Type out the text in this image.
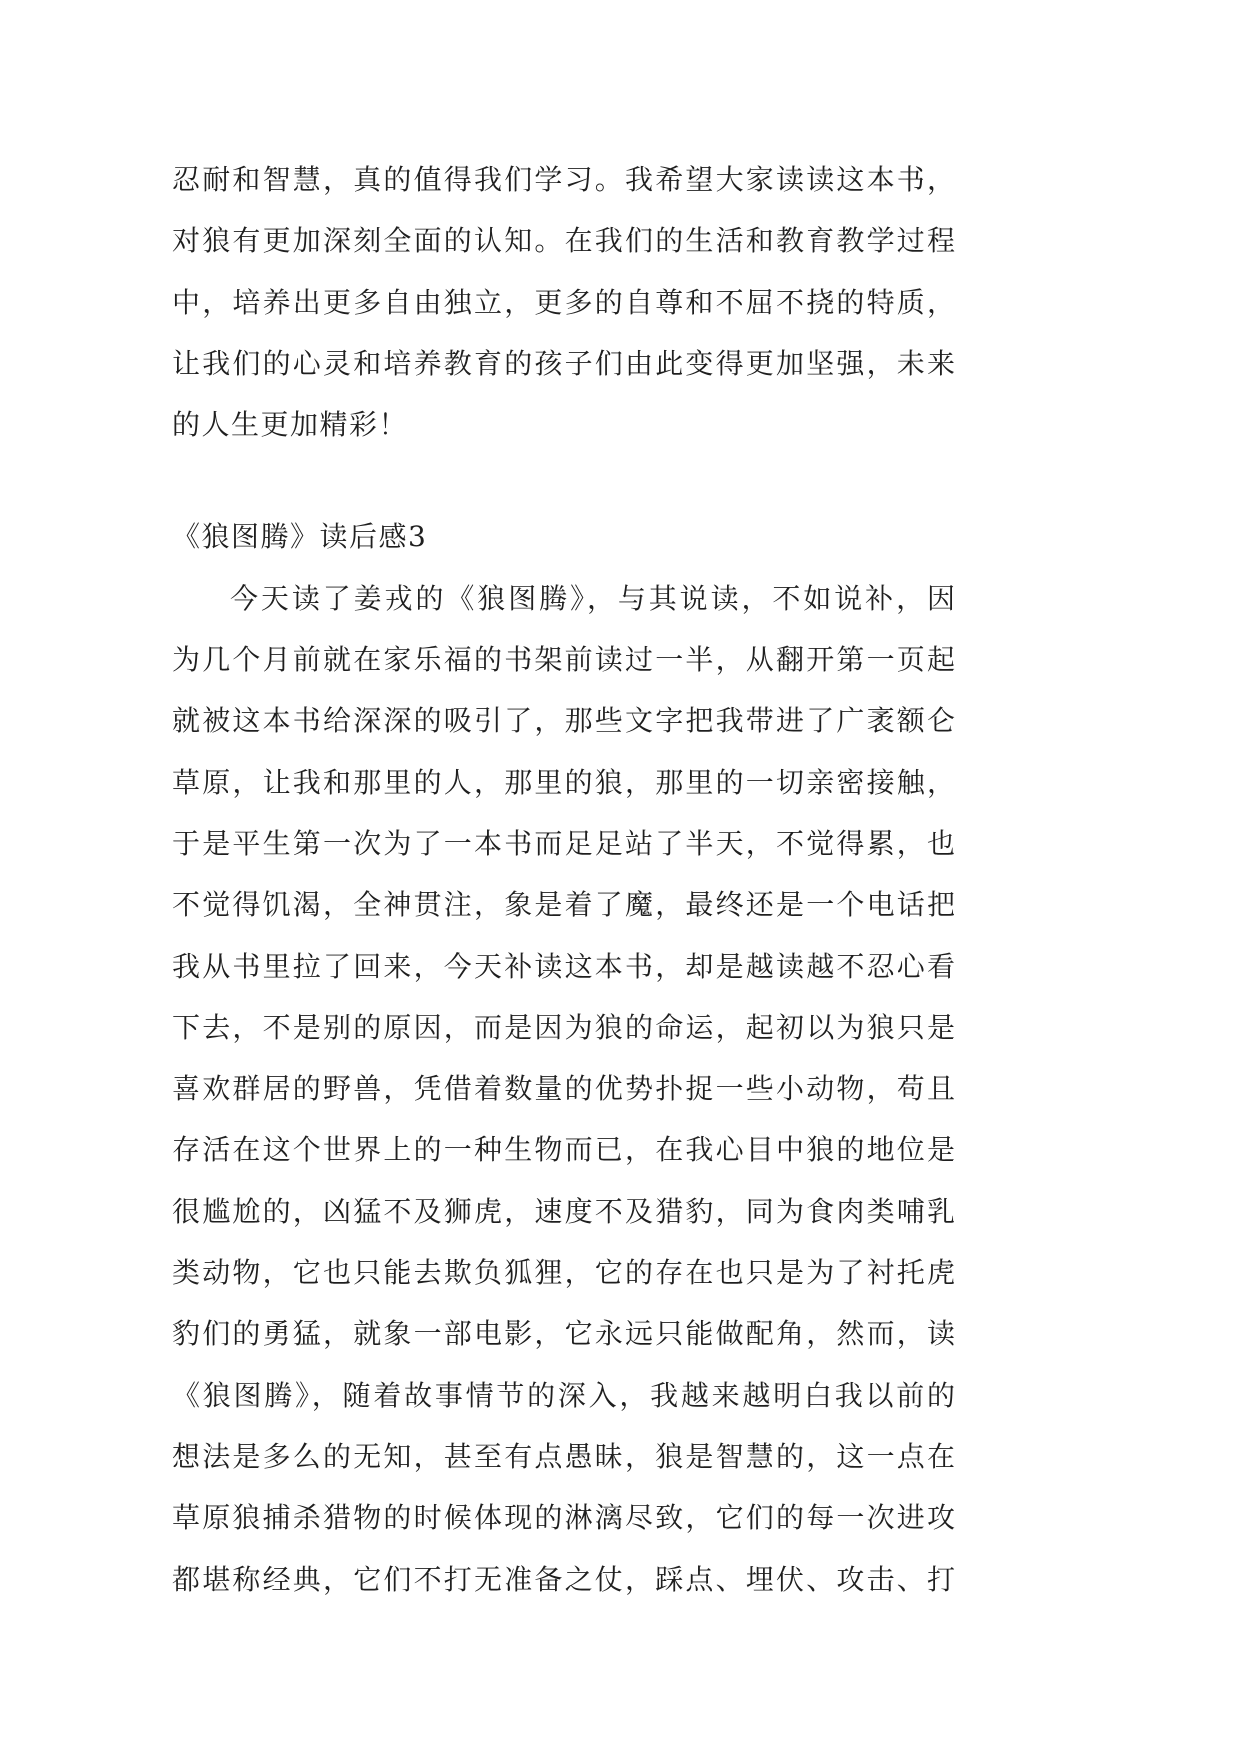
忍耐和智慧，真的值得我们学习。我希望大家读读这本书，
对狼有更加深刻全面的认知。在我们的生活和教育教学过程
中，培养出更多自由独立，更多的自尊和不屈不挠的特质，
让我们的心灵和培养教育的孩子们由此变得更加坚强，未来
的人生更加精彩！
《狼图腾》读后感3
今天读了姜戎的《狼图腾》，与其说读，不如说补，因
为几个月前就在家乐福的书架前读过一半，从翻开第一页起
就被这本书给深深的吸引了，那些文字把我带进了广袤额仑
草原，让我和那里的人，那里的狼，那里的一切亲密接触，
于是平生第一次为了一本书而足足站了半天，不觉得累，也
不觉得饥渴，全神贯注，象是着了魔，最终还是一个电话把
我从书里拉了回来，今天补读这本书，却是越读越不忍心看
下去，不是别的原因，而是因为狼的命运，起初以为狼只是
喜欢群居的野兽，凭借着数量的优势扑捉一些小动物，苟且
存活在这个世界上的一种生物而已，在我心目中狼的地位是
很尴尬的，凶猛不及狮虎，速度不及猎豹，同为食肉类哺乳
类动物，它也只能去欺负狐狸，它的存在也只是为了衬托虎
豹们的勇猛，就象一部电影，它永远只能做配角，然而，读
《狼图腾》，随着故事情节的深入，我越来越明白我以前的
想法是多么的无知，甚至有点愚昧，狼是智慧的，这一点在
草原狼捕杀猎物的时候体现的淋漓尽致，它们的每一次进攻
都堪称经典，它们不打无准备之仗，踩点、埋伏、攻击、打
